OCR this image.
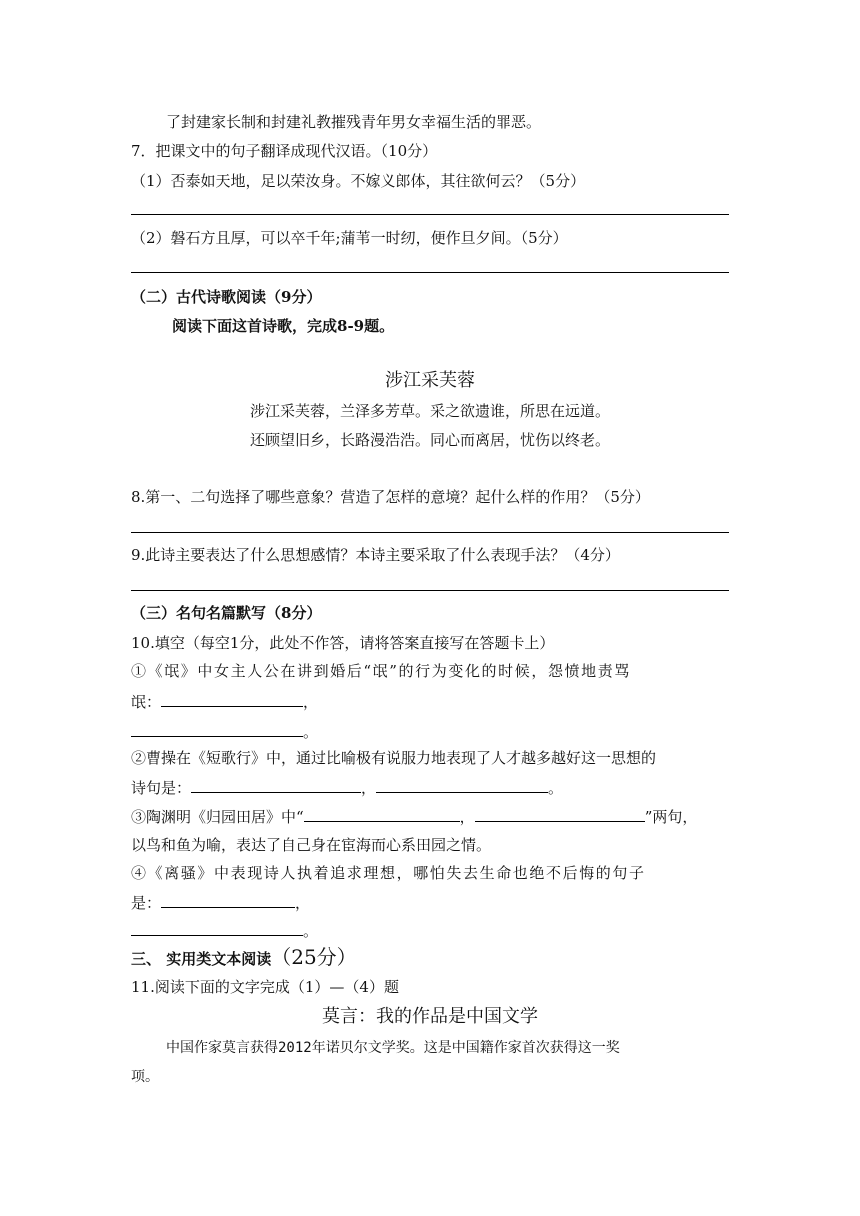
了封建家长制和封建礼教摧残青年男女幸福生活的罪恶。
7．把课文中的句子翻译成现代汉语。（10分）
（1）否泰如天地，足以荣汝身。不嫁义郎体，其往欲何云？（5分）
（2）磐石方且厚，可以卒千年;蒲苇一时纫，便作旦夕间。（5分）
（二）古代诗歌阅读（9分）
阅读下面这首诗歌，完成8-9题。
涉江采芙蓉
涉江采芙蓉，兰泽多芳草。采之欲遗谁，所思在远道。
还顾望旧乡，长路漫浩浩。同心而离居，忧伤以终老。
8.第一、二句选择了哪些意象？营造了怎样的意境？起什么样的作用？（5分）
9.此诗主要表达了什么思想感情？本诗主要采取了什么表现手法？（4分）
（三）名句名篇默写（8分）
10.填空（每空1分，此处不作答，请将答案直接写在答题卡上）
①《氓》中女主人公在讲到婚后“氓”的行为变化的时候，怨愤地责骂
氓：	，
。
②曹操在《短歌行》中，通过比喻极有说服力地表现了人才越多越好这一思想的
诗句是：	，	。
③陶渊明《归园田居》中“	，	”两句，
以鸟和鱼为喻，表达了自己身在宦海而心系田园之情。
④《离骚》中表现诗人执着追求理想，哪怕失去生命也绝不后悔的句子
是：	，
。
三、 实用类文本阅读（25分）
11.阅读下面的文字完成（1）—（4）题
莫言：我的作品是中国文学
中国作家莫言获得2012年诺贝尔文学奖。这是中国籍作家首次获得这一奖
项。
